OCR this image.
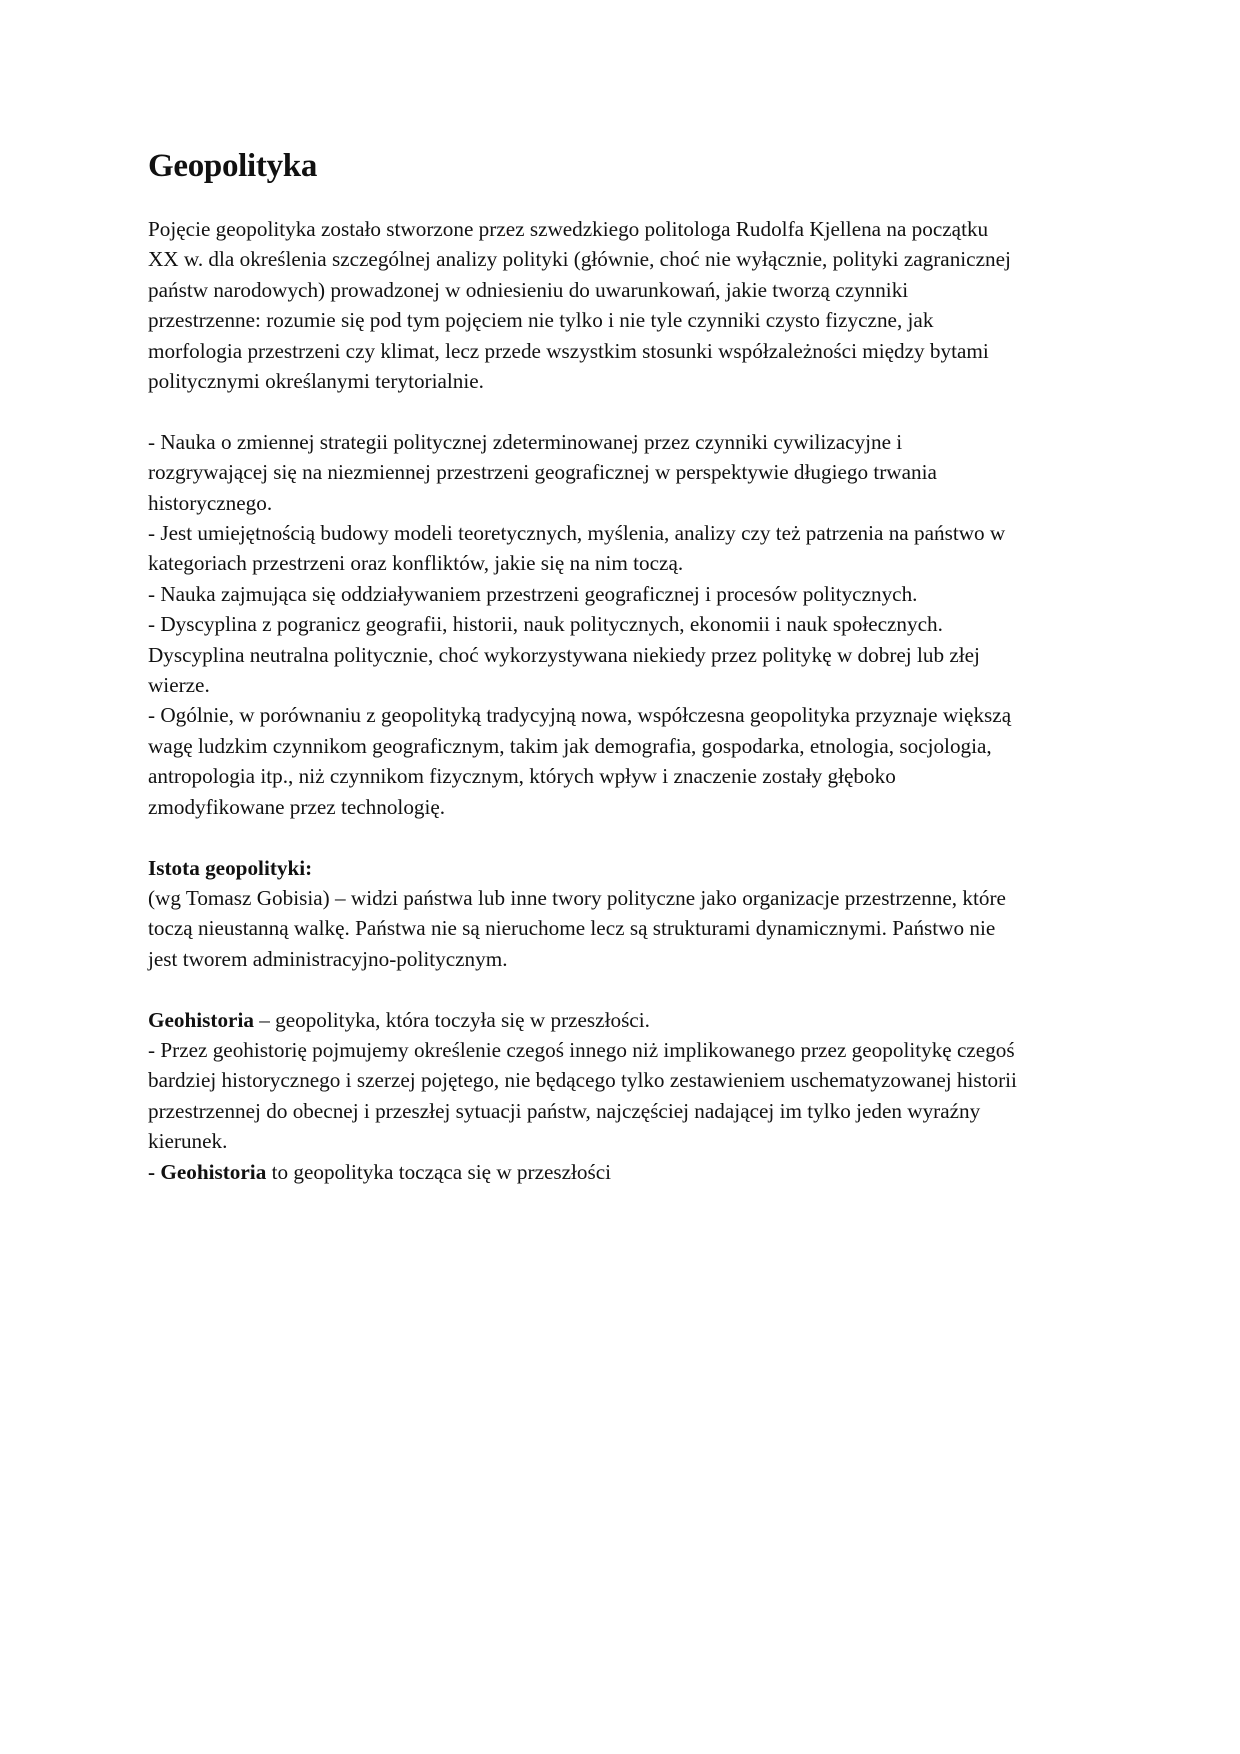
Geopolityka
Pojęcie geopolityka zostało stworzone przez szwedzkiego politologa Rudolfa Kjellena na początku
XX w. dla określenia szczególnej analizy polityki (głównie, choć nie wyłącznie, polityki zagranicznej
państw narodowych) prowadzonej w odniesieniu do uwarunkowań, jakie tworzą czynniki
przestrzenne: rozumie się pod tym pojęciem nie tylko i nie tyle czynniki czysto fizyczne, jak
morfologia przestrzeni czy klimat, lecz przede wszystkim stosunki współzależności między bytami
politycznymi określanymi terytorialnie.
- Nauka o zmiennej strategii politycznej zdeterminowanej przez czynniki cywilizacyjne i
rozgrywającej się na niezmiennej przestrzeni geograficznej w perspektywie długiego trwania
historycznego.
- Jest umiejętnością budowy modeli teoretycznych, myślenia, analizy czy też patrzenia na państwo w
kategoriach przestrzeni oraz konfliktów, jakie się na nim toczą.
- Nauka zajmująca się oddziaływaniem przestrzeni geograficznej i procesów politycznych.
- Dyscyplina z pogranicz geografii, historii, nauk politycznych, ekonomii i nauk społecznych.
Dyscyplina neutralna politycznie, choć wykorzystywana niekiedy przez politykę w dobrej lub złej
wierze.
- Ogólnie, w porównaniu z geopolityką tradycyjną nowa, współczesna geopolityka przyznaje większą
wagę ludzkim czynnikom geograficznym, takim jak demografia, gospodarka, etnologia, socjologia,
antropologia itp., niż czynnikom fizycznym, których wpływ i znaczenie zostały głęboko
zmodyfikowane przez technologię.
Istota geopolityki:
(wg Tomasz Gobisia) – widzi państwa lub inne twory polityczne jako organizacje przestrzenne, które
toczą nieustanną walkę. Państwa nie są nieruchome lecz są strukturami dynamicznymi. Państwo nie
jest tworem administracyjno-politycznym.
Geohistoria – geopolityka, która toczyła się w przeszłości.
- Przez geohistorię pojmujemy określenie czegoś innego niż implikowanego przez geopolitykę czegoś
bardziej historycznego i szerzej pojętego, nie będącego tylko zestawieniem uschematyzowanej historii
przestrzennej do obecnej i przeszłej sytuacji państw, najczęściej nadającej im tylko jeden wyraźny
kierunek.
- Geohistoria to geopolityka tocząca się w przeszłości
